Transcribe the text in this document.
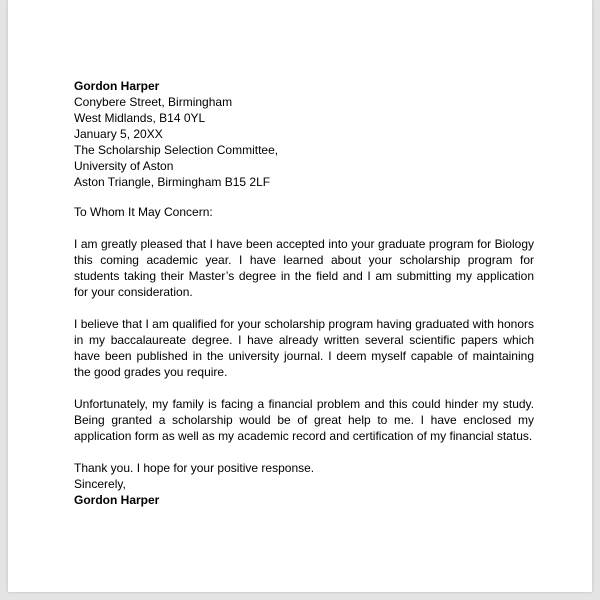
Gordon Harper
Conybere Street, Birmingham
West Midlands, B14 0YL
January 5, 20XX
The Scholarship Selection Committee,
University of Aston
Aston Triangle, Birmingham B15 2LF
To Whom It May Concern:

I am greatly pleased that I have been accepted into your graduate program for Biology this coming academic year. I have learned about your scholarship program for students taking their Master’s degree in the field and I am submitting my application for your consideration.

I believe that I am qualified for your scholarship program having graduated with honors in my baccalaureate degree. I have already written several scientific papers which have been published in the university journal. I deem myself capable of maintaining the good grades you require.

Unfortunately, my family is facing a financial problem and this could hinder my study. Being granted a scholarship would be of great help to me. I have enclosed my application form as well as my academic record and certification of my financial status.

Thank you. I hope for your positive response.
Sincerely,
Gordon Harper
